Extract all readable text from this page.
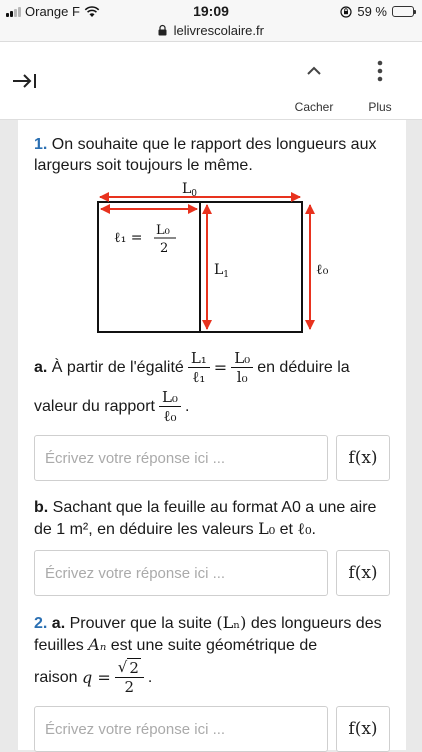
Orange F	19:09	59 %
lelivrescolaire.fr
Cacher	Plus

1. On souhaite que le rapport des longueurs aux largeurs soit toujours le même.

$L_0$
ℓ₁ = L₀
2
$L_1$	ℓ₀
a.
À partir de l'égalité $\frac{\text{L₁}}{\text{ℓ₁}} = \frac{\text{L₀}}{\text{l₀}}$ en déduire la
valeur du rapport $\frac{\text{L₀}}{\text{ℓ₀}}$ .
Écrivez votre réponse ici ...
f(x)

b. Sachant que la feuille au format A0 a une aire de 1 m², en déduire les valeurs L₀ et ℓ₀.

Écrivez votre réponse ici ...
f(x)

2. a. Prouver que la suite (Lₙ) des longueurs des feuilles Aₙ est une suite géométrique de

raison
$q = \frac{√ 2}{2}$ .
Écrivez votre réponse ici ...
f(x)
